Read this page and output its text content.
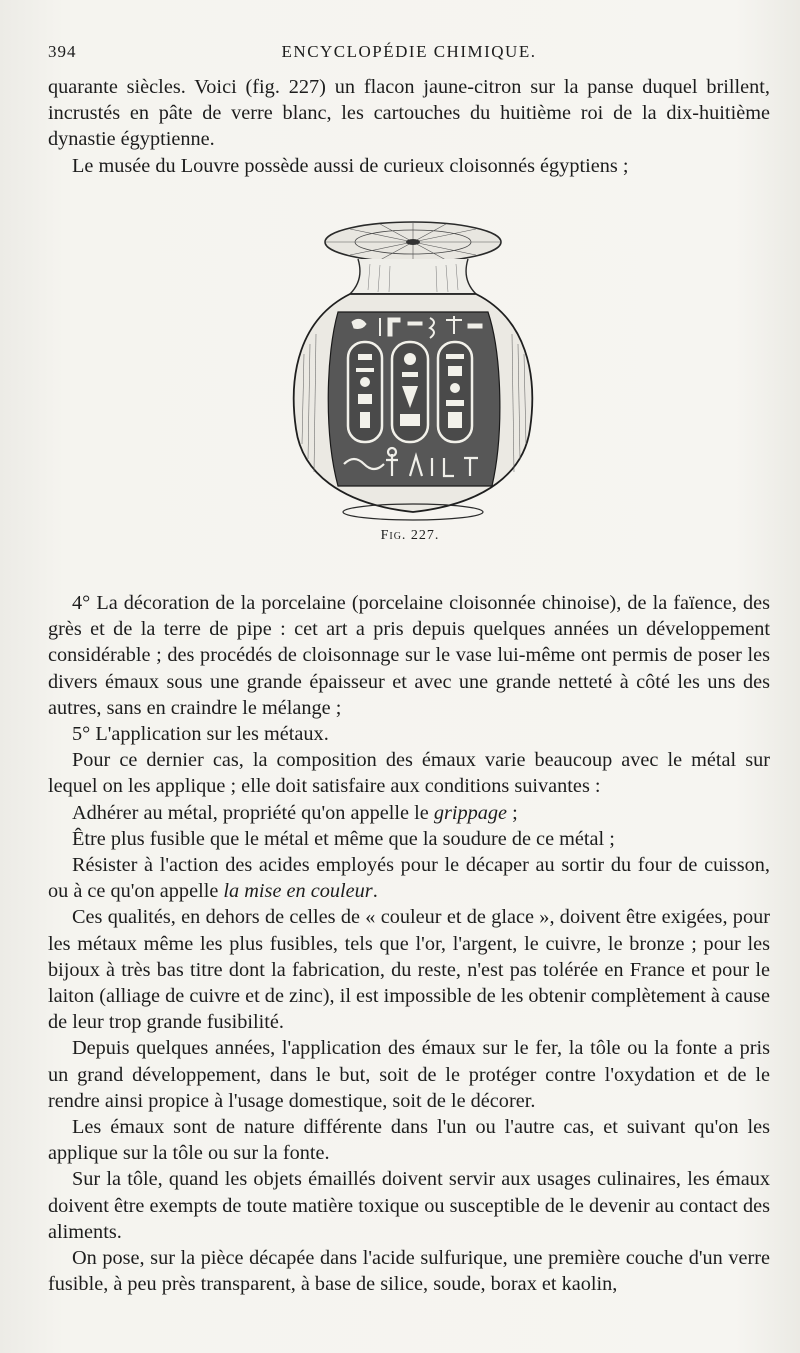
394	ENCYCLOPÉDIE CHIMIQUE.

quarante siècles. Voici (fig. 227) un flacon jaune-citron sur la panse duquel brillent, incrustés en pâte de verre blanc, les cartouches du huitième roi de la dix-huitième dynastie égyptienne.

Le musée du Louvre possède aussi de curieux cloisonnés égyptiens ;

Fig. 227.

4° La décoration de la porcelaine (porcelaine cloisonnée chinoise), de la faïence, des grès et de la terre de pipe : cet art a pris depuis quelques années un développement considérable ; des procédés de cloisonnage sur le vase lui-même ont permis de poser les divers émaux sous une grande épaisseur et avec une grande netteté à côté les uns des autres, sans en craindre le mélange ;

5° L'application sur les métaux.

Pour ce dernier cas, la composition des émaux varie beaucoup avec le métal sur lequel on les applique ; elle doit satisfaire aux conditions suivantes :

Adhérer au métal, propriété qu'on appelle le grippage ;

Être plus fusible que le métal et même que la soudure de ce métal ;

Résister à l'action des acides employés pour le décaper au sortir du four de cuisson, ou à ce qu'on appelle la mise en couleur.

Ces qualités, en dehors de celles de « couleur et de glace », doivent être exigées, pour les métaux même les plus fusibles, tels que l'or, l'argent, le cuivre, le bronze ; pour les bijoux à très bas titre dont la fabrication, du reste, n'est pas tolérée en France et pour le laiton (alliage de cuivre et de zinc), il est impossible de les obtenir complètement à cause de leur trop grande fusibilité.

Depuis quelques années, l'application des émaux sur le fer, la tôle ou la fonte a pris un grand développement, dans le but, soit de le protéger contre l'oxydation et de le rendre ainsi propice à l'usage domestique, soit de le décorer.

Les émaux sont de nature différente dans l'un ou l'autre cas, et suivant qu'on les applique sur la tôle ou sur la fonte.

Sur la tôle, quand les objets émaillés doivent servir aux usages culinaires, les émaux doivent être exempts de toute matière toxique ou susceptible de le devenir au contact des aliments.

On pose, sur la pièce décapée dans l'acide sulfurique, une première couche d'un verre fusible, à peu près transparent, à base de silice, soude, borax et kaolin,
